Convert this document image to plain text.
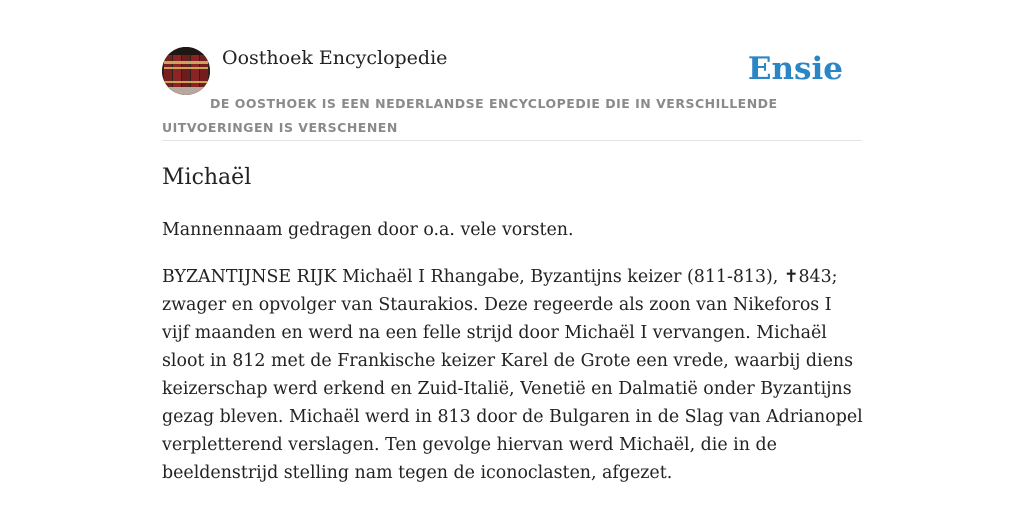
Oosthoek Encyclopedie	Ensie
DE OOSTHOEK IS EEN NEDERLANDSE ENCYCLOPEDIE DIE IN VERSCHILLENDE UITVOERINGEN IS VERSCHENEN
Michaël

Mannennaam gedragen door o.a. vele vorsten.

BYZANTIJNSE RIJK Michaël I Rhangabe, Byzantijns keizer (811-813), ✝843; zwager en opvolger van Staurakios. Deze regeerde als zoon van Nikeforos I vijf maanden en werd na een felle strijd door Michaël I vervangen. Michaël sloot in 812 met de Frankische keizer Karel de Grote een vrede, waarbij diens keizerschap werd erkend en Zuid-Italië, Venetië en Dalmatië onder Byzantijns gezag bleven. Michaël werd in 813 door de Bulgaren in de Slag van Adrianopel verpletterend verslagen. Ten gevolge hiervan werd Michaël, die in de beeldenstrijd stelling nam tegen de iconoclasten, afgezet.
